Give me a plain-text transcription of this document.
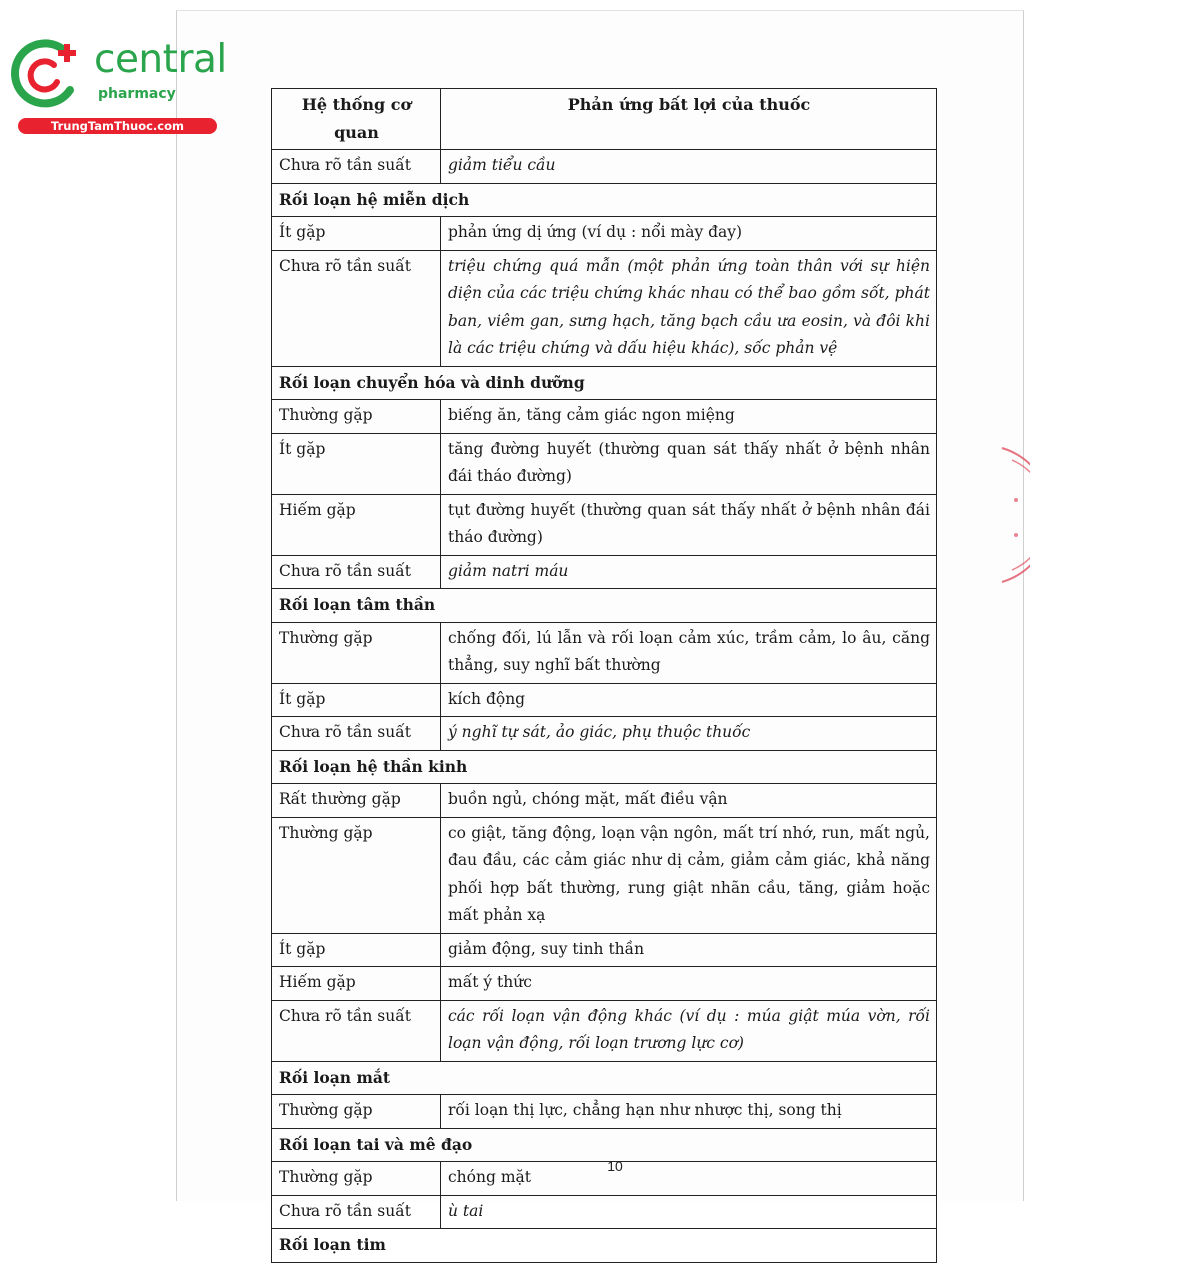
central
pharmacy
TrungTamThuoc.com
Hệ thống cơ quan	Phản ứng bất lợi của thuốc
Chưa rõ tần suất	giảm tiểu cầu
Rối loạn hệ miễn dịch	
Ít gặp	phản ứng dị ứng (ví dụ : nổi mày đay)
Chưa rõ tần suất	triệu chứng quá mẫn (một phản ứng toàn thân với sự hiện diện của các triệu chứng khác nhau có thể bao gồm sốt, phát ban, viêm gan, sưng hạch, tăng bạch cầu ưa eosin, và đôi khi là các triệu chứng và dấu hiệu khác), sốc phản vệ
Rối loạn chuyển hóa và dinh dưỡng	
Thường gặp	biếng ăn, tăng cảm giác ngon miệng
Ít gặp	tăng đường huyết (thường quan sát thấy nhất ở bệnh nhân đái tháo đường)
Hiếm gặp	tụt đường huyết (thường quan sát thấy nhất ở bệnh nhân đái tháo đường)
Chưa rõ tần suất	giảm natri máu
Rối loạn tâm thần	
Thường gặp	chống đối, lú lẫn và rối loạn cảm xúc, trầm cảm, lo âu, căng thẳng, suy nghĩ bất thường
Ít gặp	kích động
Chưa rõ tần suất	ý nghĩ tự sát, ảo giác, phụ thuộc thuốc
Rối loạn hệ thần kinh	
Rất thường gặp	buồn ngủ, chóng mặt, mất điều vận
Thường gặp	co giật, tăng động, loạn vận ngôn, mất trí nhớ, run, mất ngủ, đau đầu, các cảm giác như dị cảm, giảm cảm giác, khả năng phối hợp bất thường, rung giật nhãn cầu, tăng, giảm hoặc mất phản xạ
Ít gặp	giảm động, suy tinh thần
Hiếm gặp	mất ý thức
Chưa rõ tần suất	các rối loạn vận động khác (ví dụ : múa giật múa vờn, rối loạn vận động, rối loạn trương lực cơ)
Rối loạn mắt	
Thường gặp	rối loạn thị lực, chẳng hạn như nhược thị, song thị
Rối loạn tai và mê đạo	
Thường gặp	chóng mặt
Chưa rõ tần suất	ù tai
Rối loạn tim	
10
